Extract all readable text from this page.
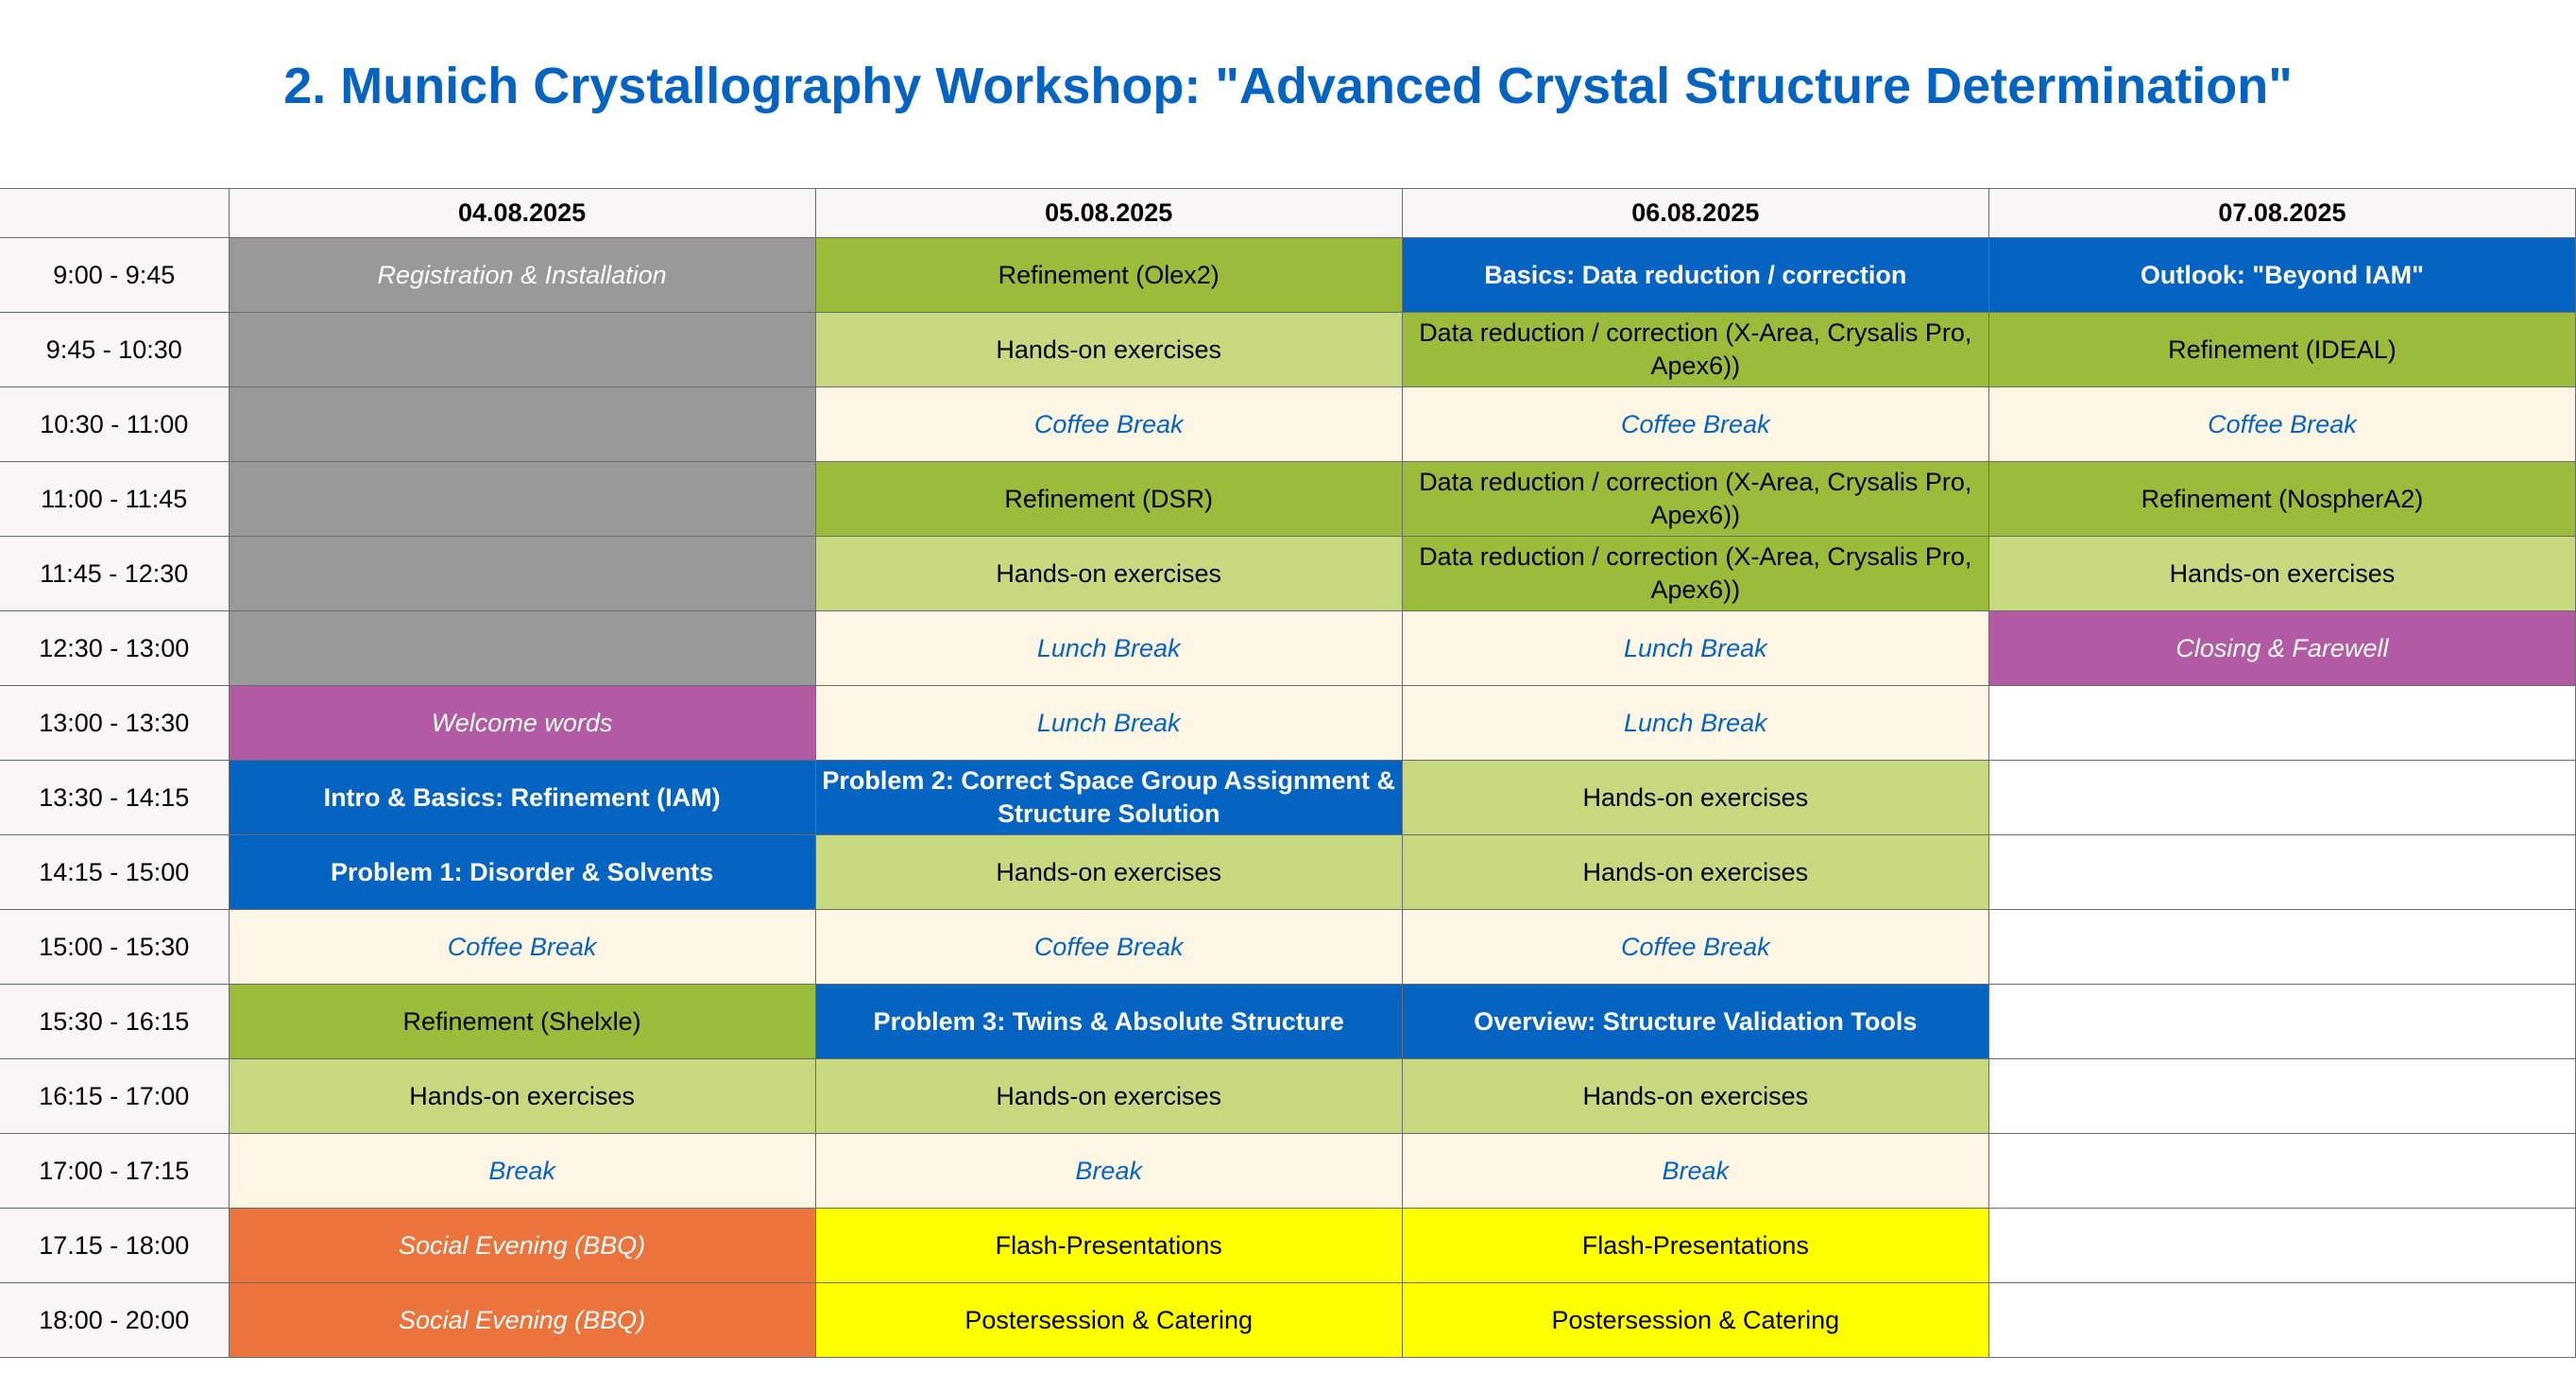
2. Munich Crystallography Workshop: "Advanced Crystal Structure Determination"
	04.08.2025	05.08.2025	06.08.2025	07.08.2025
9:00 - 9:45	Registration & Installation	Refinement (Olex2)	Basics: Data reduction / correction	Outlook: "Beyond IAM"
9:45 - 10:30		Hands-on exercises	Data reduction / correction (X-Area, Crysalis Pro, Apex6))	Refinement (IDEAL)
10:30 - 11:00		Coffee Break	Coffee Break	Coffee Break
11:00 - 11:45		Refinement (DSR)	Data reduction / correction (X-Area, Crysalis Pro, Apex6))	Refinement (NospherA2)
11:45 - 12:30		Hands-on exercises	Data reduction / correction (X-Area, Crysalis Pro, Apex6))	Hands-on exercises
12:30 - 13:00		Lunch Break	Lunch Break	Closing & Farewell
13:00 - 13:30	Welcome words	Lunch Break	Lunch Break	
13:30 - 14:15	Intro & Basics: Refinement (IAM)	Problem 2: Correct Space Group Assignment & Structure Solution	Hands-on exercises	
14:15 - 15:00	Problem 1: Disorder & Solvents	Hands-on exercises	Hands-on exercises	
15:00 - 15:30	Coffee Break	Coffee Break	Coffee Break	
15:30 - 16:15	Refinement (Shelxle)	Problem 3: Twins & Absolute Structure	Overview: Structure Validation Tools	
16:15 - 17:00	Hands-on exercises	Hands-on exercises	Hands-on exercises	
17:00 - 17:15	Break	Break	Break	
17.15 - 18:00	Social Evening (BBQ)	Flash-Presentations	Flash-Presentations	
18:00 - 20:00	Social Evening (BBQ)	Postersession & Catering	Postersession & Catering	
